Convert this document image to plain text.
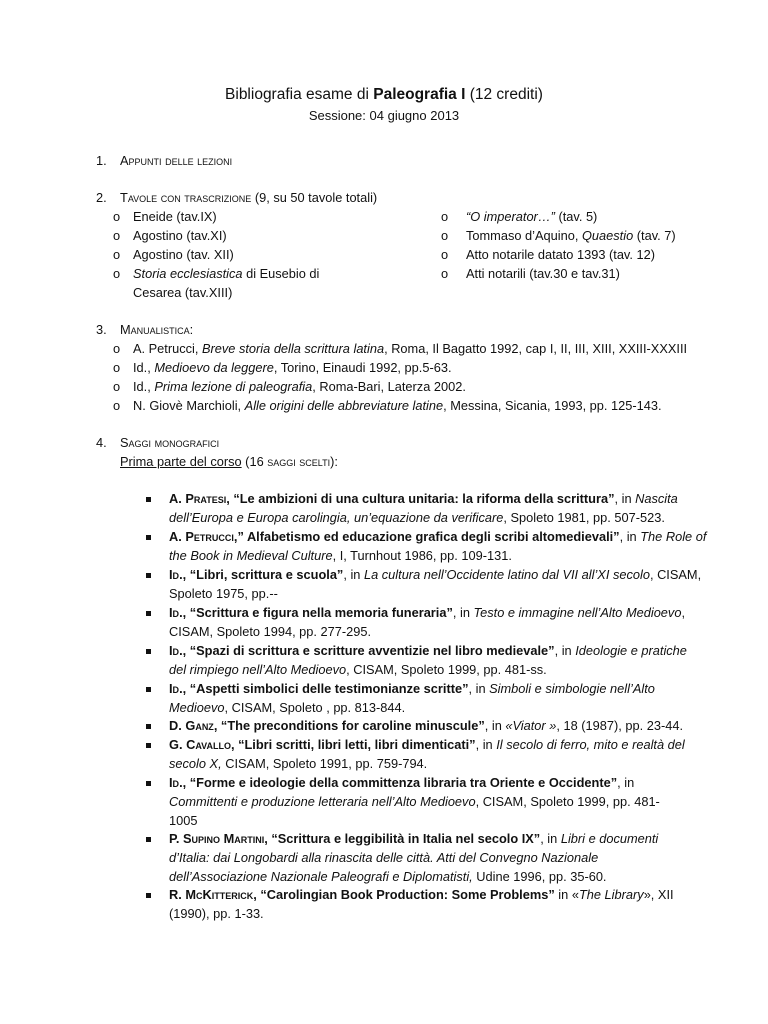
Bibliografia esame di Paleografia I (12 crediti)
Sessione: 04 giugno 2013
1. Appunti delle lezioni
2. Tavole con trascrizione (9, su 50 tavole totali)
o Eneide (tav.IX)
o Agostino (tav.XI)
o Agostino (tav. XII)
o Storia ecclesiastica di Eusebio di
Cesarea (tav.XIII)
o “O imperator…” (tav. 5)
o Tommaso d’Aquino, Quaestio (tav. 7)
o Atto notarile datato 1393 (tav. 12)
o Atti notarili (tav.30 e tav.31)
3. Manualistica:
o A. Petrucci, Breve storia della scrittura latina, Roma, Il Bagatto 1992, cap I, II, III, XIII, XXIII-XXXIII
o Id., Medioevo da leggere, Torino, Einaudi 1992, pp.5-63.
o Id., Prima lezione di paleografia, Roma-Bari, Laterza 2002.
o N. Giovè Marchioli, Alle origini delle abbreviature latine, Messina, Sicania, 1993, pp. 125-143.
4. Saggi monografici
Prima parte del corso (16 saggi scelti):
A. Pratesi, “Le ambizioni di una cultura unitaria: la riforma della scrittura”, in Nascita
dell’Europa e Europa carolingia, un’equazione da verificare, Spoleto 1981, pp. 507-523.
A. Petrucci,” Alfabetismo ed educazione grafica degli scribi altomedievali”, in The Role of
the Book in Medieval Culture, I, Turnhout 1986, pp. 109-131.
Id., “Libri, scrittura e scuola”, in La cultura nell’Occidente latino dal VII all’XI secolo, CISAM,
Spoleto 1975, pp.--
Id., “Scrittura e figura nella memoria funeraria”, in Testo e immagine nell’Alto Medioevo,
CISAM, Spoleto 1994, pp. 277-295.
Id., “Spazi di scrittura e scritture avventizie nel libro medievale”, in Ideologie e pratiche
del rimpiego nell’Alto Medioevo, CISAM, Spoleto 1999, pp. 481-ss.
Id., “Aspetti simbolici delle testimonianze scritte”, in Simboli e simbologie nell’Alto
Medioevo, CISAM, Spoleto , pp. 813-844.
D. Ganz, “The preconditions for caroline minuscule”, in «Viator », 18 (1987), pp. 23-44.
G. Cavallo, “Libri scritti, libri letti, libri dimenticati”, in Il secolo di ferro, mito e realtà del
secolo X, CISAM, Spoleto 1991, pp. 759-794.
Id., “Forme e ideologie della committenza libraria tra Oriente e Occidente”, in
Committenti e produzione letteraria nell’Alto Medioevo, CISAM, Spoleto 1999, pp. 481-
1005
P. Supino Martini, “Scrittura e leggibilità in Italia nel secolo IX”, in Libri e documenti
d’Italia: dai Longobardi alla rinascita delle città. Atti del Convegno Nazionale
dell’Associazione Nazionale Paleografi e Diplomatisti, Udine 1996, pp. 35-60.
R. McKitterick, “Carolingian Book Production: Some Problems” in «The Library», XII
(1990), pp. 1-33.
